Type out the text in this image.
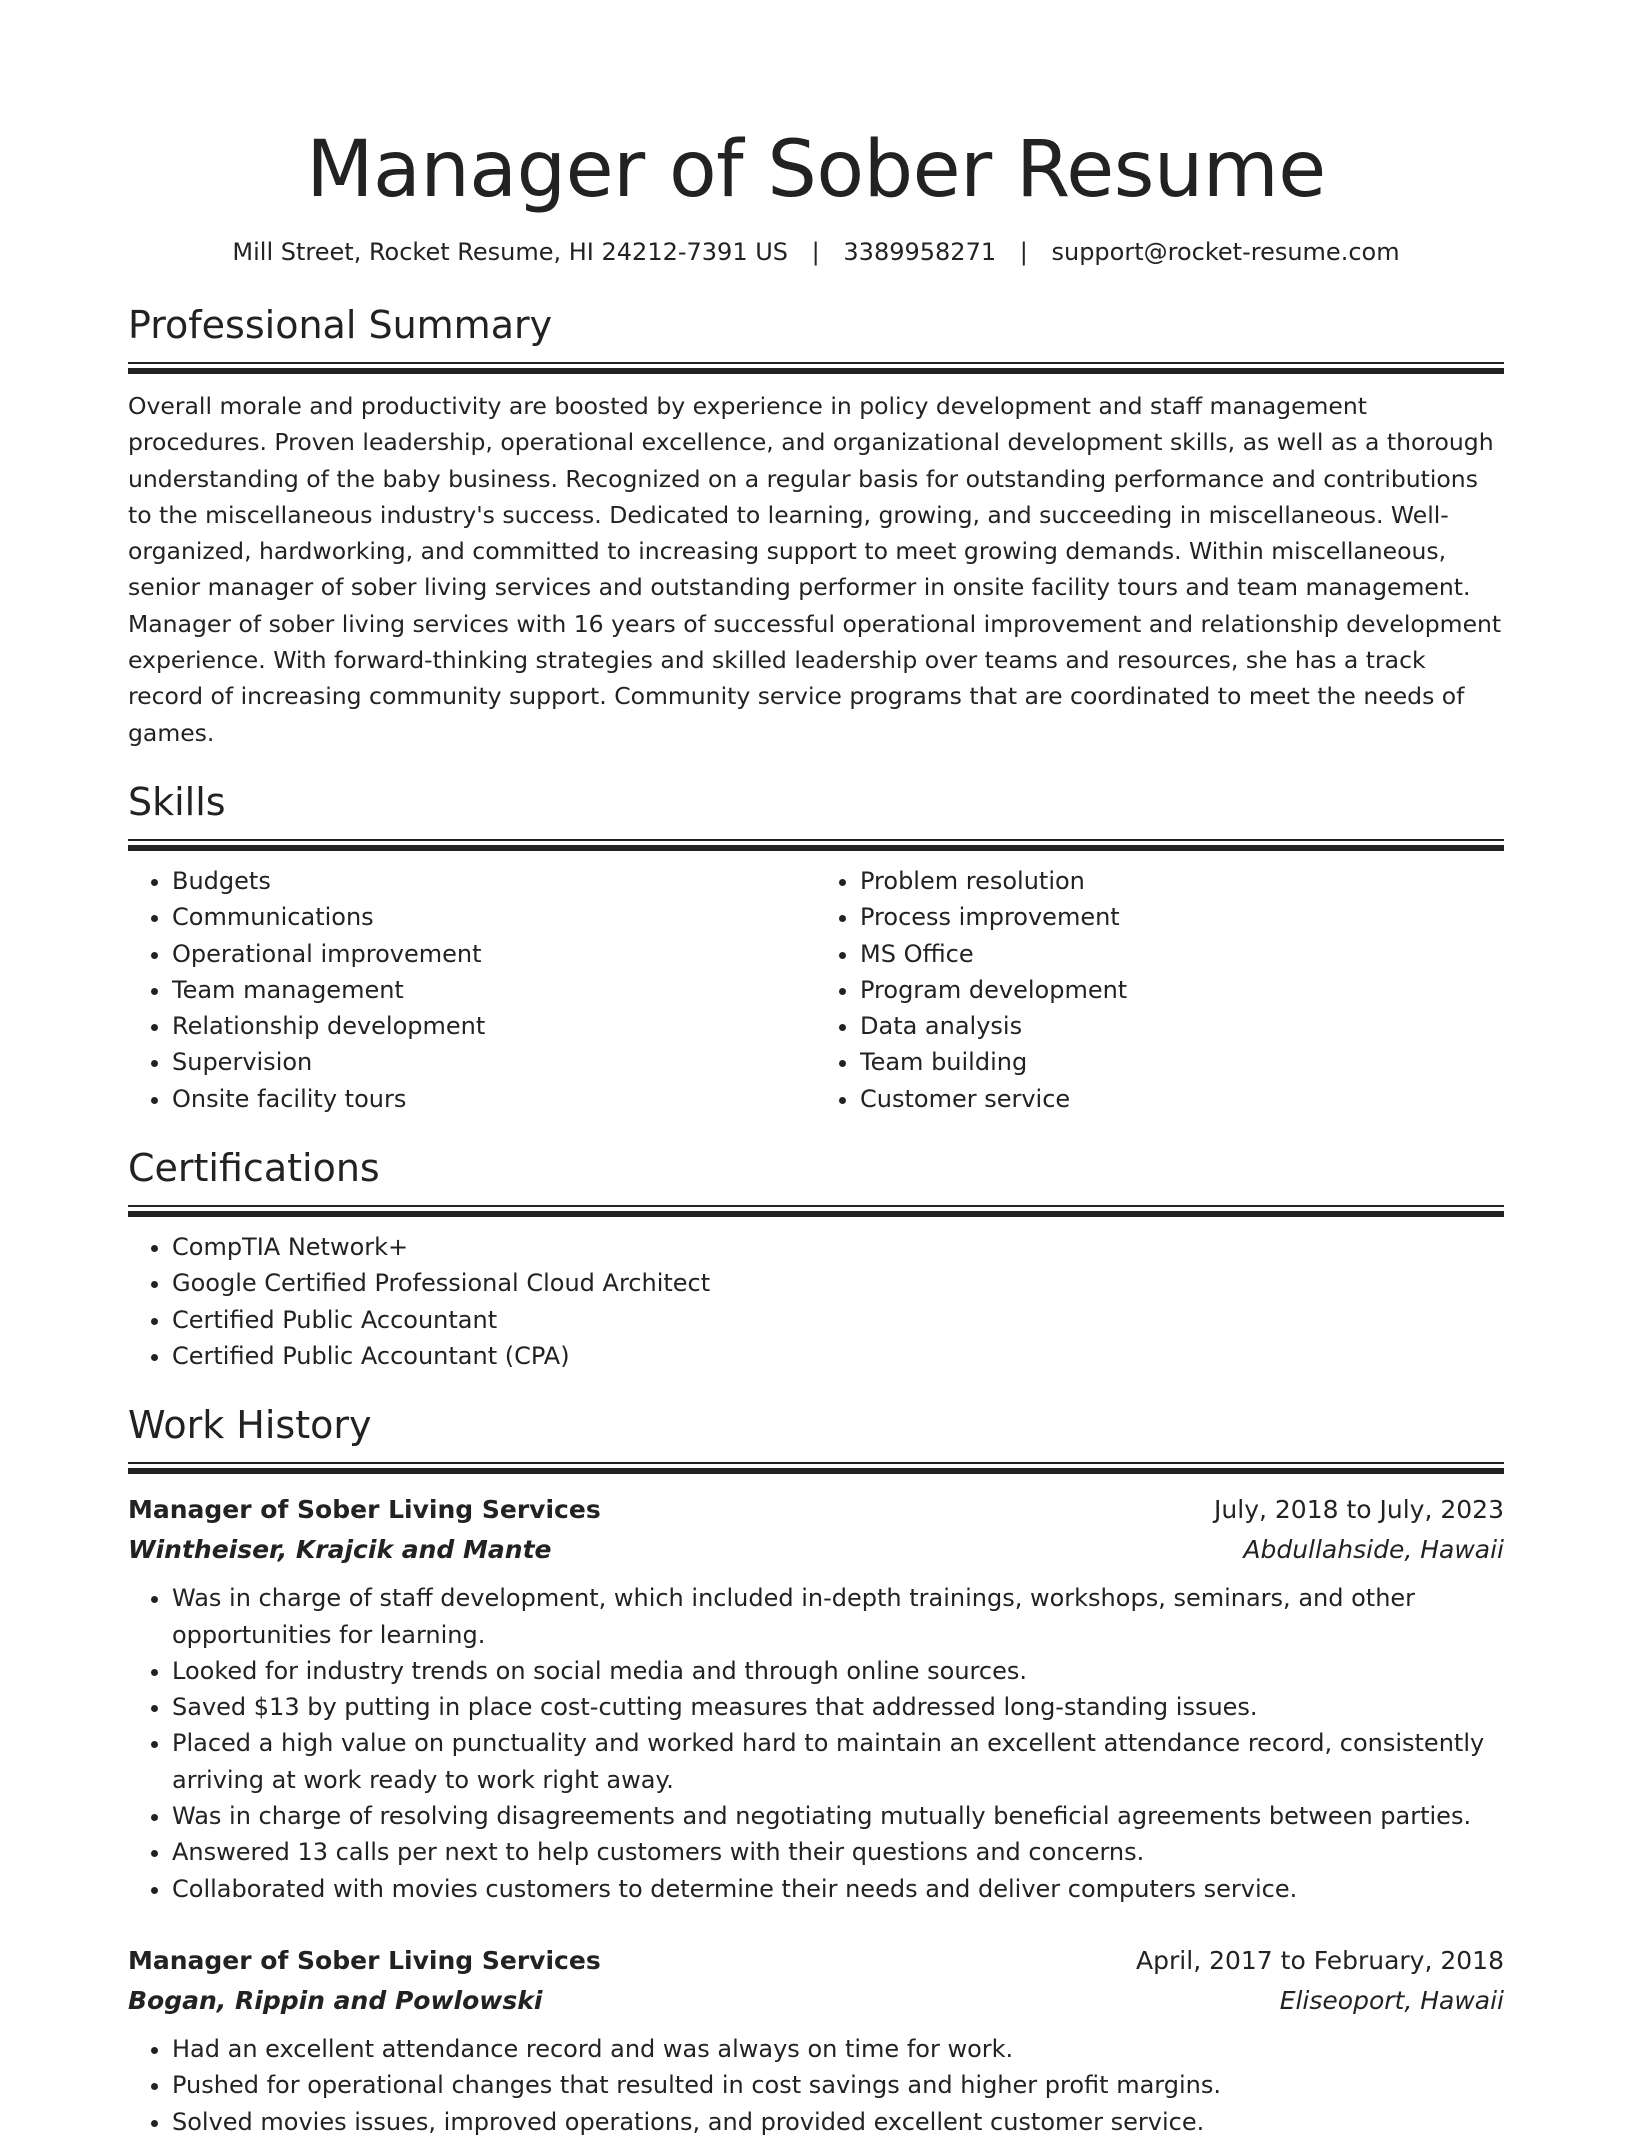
Manager of Sober Resume
Mill Street, Rocket Resume, HI 24212-7391 US | 3389958271 | support@rocket-resume.com
Professional Summary
Overall morale and productivity are boosted by experience in policy development and staff management procedures. Proven leadership, operational excellence, and organizational development skills, as well as a thorough understanding of the baby business. Recognized on a regular basis for outstanding performance and contributions to the miscellaneous industry's success. Dedicated to learning, growing, and succeeding in miscellaneous. Well-organized, hardworking, and committed to increasing support to meet growing demands. Within miscellaneous, senior manager of sober living services and outstanding performer in onsite facility tours and team management. Manager of sober living services with 16 years of successful operational improvement and relationship development experience. With forward-thinking strategies and skilled leadership over teams and resources, she has a track record of increasing community support. Community service programs that are coordinated to meet the needs of games.
Skills
• Budgets
• Communications
• Operational improvement
• Team management
• Relationship development
• Supervision
• Onsite facility tours
• Problem resolution
• Process improvement
• MS Office
• Program development
• Data analysis
• Team building
• Customer service
Certifications
• CompTIA Network+
• Google Certified Professional Cloud Architect
• Certified Public Accountant
• Certified Public Accountant (CPA)
Work History
Manager of Sober Living Services	July, 2018 to July, 2023
Wintheiser, Krajcik and Mante	Abdullahside, Hawaii
• Was in charge of staff development, which included in-depth trainings, workshops, seminars, and other opportunities for learning.
• Looked for industry trends on social media and through online sources.
• Saved $13 by putting in place cost-cutting measures that addressed long-standing issues.
• Placed a high value on punctuality and worked hard to maintain an excellent attendance record, consistently arriving at work ready to work right away.
• Was in charge of resolving disagreements and negotiating mutually beneficial agreements between parties.
• Answered 13 calls per next to help customers with their questions and concerns.
• Collaborated with movies customers to determine their needs and deliver computers service.
Manager of Sober Living Services	April, 2017 to February, 2018
Bogan, Rippin and Powlowski	Eliseoport, Hawaii
• Had an excellent attendance record and was always on time for work.
• Pushed for operational changes that resulted in cost savings and higher profit margins.
• Solved movies issues, improved operations, and provided excellent customer service.
